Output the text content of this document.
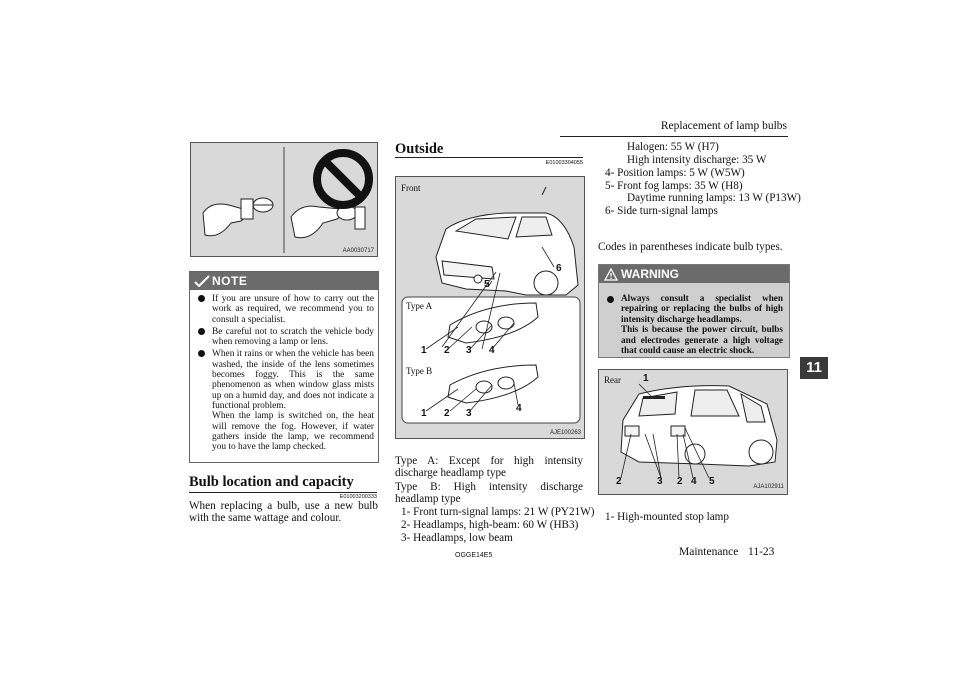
Replacement of lamp bulbs
11
AA0030717
NOTE
If you are unsure of how to carry out the work as required, we recommend you to consult a specialist.
Be careful not to scratch the vehicle body when removing a lamp or lens.
When it rains or when the vehicle has been washed, the inside of the lens sometimes becomes foggy. This is the same phenomenon as when window glass mists up on a humid day, and does not indicate a functional problem.
When the lamp is switched on, the heat will remove the fog. However, if water gathers inside the lamp, we recommend you to have the lamp checked.
Bulb location and capacity
E01003200333
When replacing a bulb, use a new bulb with the same wattage and colour.
Outside
E01003304055
Front
Type A
Type B
5
6
1 2 3 4
1 2 3	4
AJE100263
Type A: Except for high intensity discharge headlamp type
Type B: High intensity discharge headlamp type
1- Front turn-signal lamps: 21 W (PY21W)
2- Headlamps, high-beam: 60 W (HB3)
3- Headlamps, low beam
OGGE14E5
Halogen: 55 W (H7)
High intensity discharge: 35 W
4- Position lamps: 5 W (W5W)
5- Front fog lamps: 35 W (H8)
Daytime running lamps: 13 W (P13W)
6- Side turn-signal lamps
Codes in parentheses indicate bulb types.
WARNING
Always consult a specialist when repairing or replacing the bulbs of high intensity discharge headlamps.
This is because the power circuit, bulbs and electrodes generate a high voltage that could cause an electric shock.
Rear 1
2	3 2 4 5	AJA102911
1- High-mounted stop lamp
Maintenance 11-23
